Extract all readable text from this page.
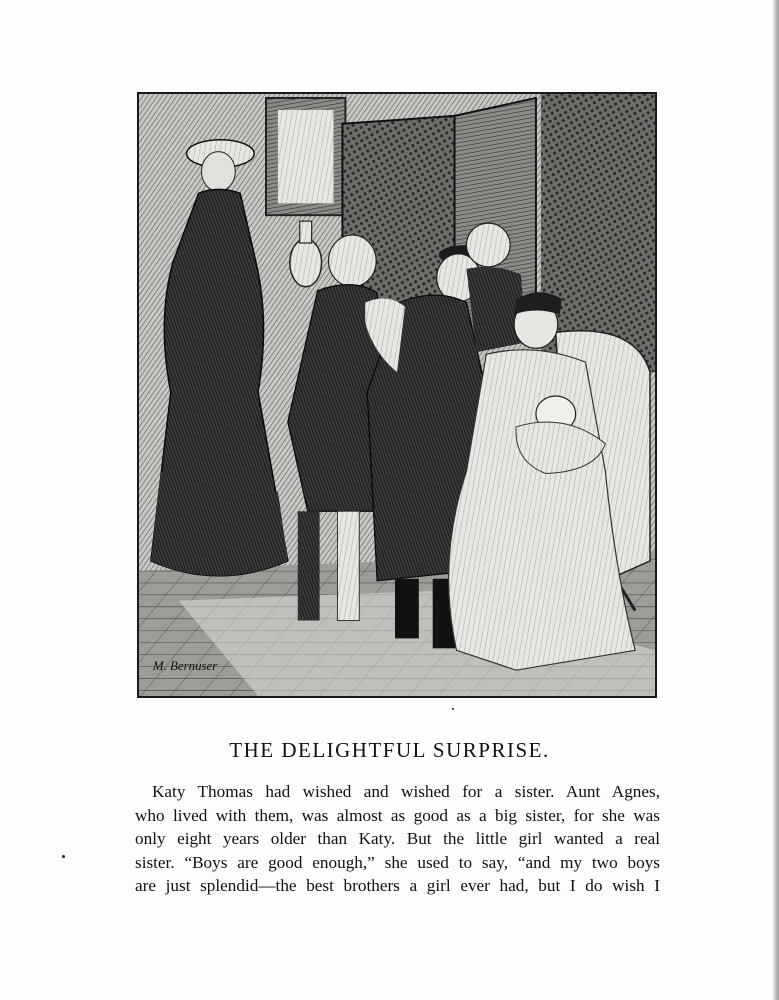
M. Bernuser
THE DELIGHTFUL SURPRISE.

Katy Thomas had wished and wished for a sister. Aunt Agnes,
who lived with them, was almost as good as a big sister, for she was
only eight years older than Katy. But the little girl wanted a real
sister. “Boys are good enough,” she used to say, “and my two boys
are just splendid—the best brothers a girl ever had, but I do wish I
